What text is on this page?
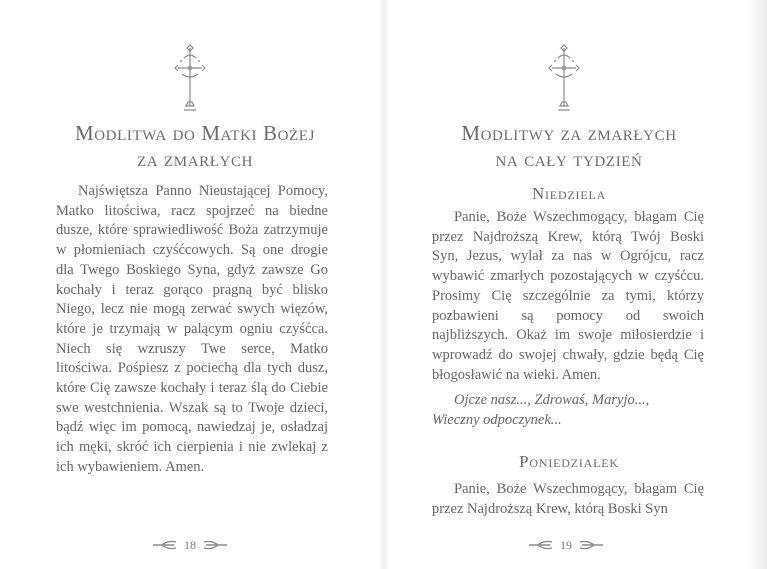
Modlitwa do Matki Bożej
za zmarłych

Najświętsza Panno Nieustającej Pomocy, Matko litościwa, racz spojrzeć na biedne dusze, które sprawiedliwość Boża zatrzymuje w płomieniach czyśćcowych. Są one drogie dla Twego Boskiego Syna, gdyż zawsze Go kochały i teraz gorąco pragną być blisko Niego, lecz nie mogą zerwać swych więzów, które je trzymają w palącym ogniu czyśćca. Niech się wzruszy Twe serce, Matko litościwa. Pośpiesz z pociechą dla tych dusz, które Cię zawsze kochały i teraz ślą do Ciebie swe westchnienia. Wszak są to Twoje dzieci, bądź więc im pomocą, nawiedzaj je, osładzaj ich męki, skróć ich cierpienia i nie zwlekaj z ich wybawieniem. Amen.

18
Modlitwy za zmarłych
na cały tydzień
Niedziela

Panie, Boże Wszechmogący, błagam Cię przez Najdroższą Krew, którą Twój Boski Syn, Jezus, wylał za nas w Ogrójcu, racz wybawić zmarłych pozostających w czyśćcu. Prosimy Cię szczególnie za tymi, którzy pozbawieni są pomocy od swoich najbliższych. Okaż im swoje miłosierdzie i wprowadź do swojej chwały, gdzie będą Cię błogosławić na wieki. Amen.

Ojcze nasz..., Zdrowaś, Maryjo...,
Wieczny odpoczynek...
Poniedziałek

Panie, Boże Wszechmogący, błagam Cię przez Najdroższą Krew, którą Boski Syn

19
